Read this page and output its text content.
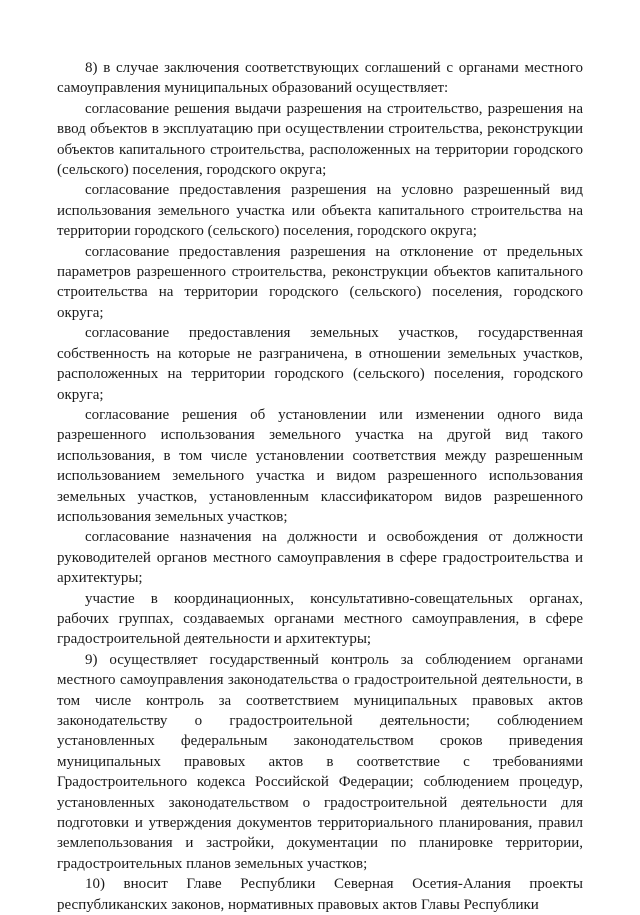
8) в случае заключения соответствующих соглашений с органами местного самоуправления муниципальных образований осуществляет:

согласование решения выдачи разрешения на строительство, разрешения на ввод объектов в эксплуатацию при осуществлении строительства, реконструкции объектов капитального строительства, расположенных на территории городского (сельского) поселения, городского округа;

согласование предоставления разрешения на условно разрешенный вид использования земельного участка или объекта капитального строительства на территории городского (сельского) поселения, городского округа;

согласование предоставления разрешения на отклонение от предельных параметров разрешенного строительства, реконструкции объектов капитального строительства на территории городского (сельского) поселения, городского округа;

согласование предоставления земельных участков, государственная собственность на которые не разграничена, в отношении земельных участков, расположенных на территории городского (сельского) поселения, городского округа;

согласование решения об установлении или изменении одного вида разрешенного использования земельного участка на другой вид такого использования, в том числе установлении соответствия между разрешенным использованием земельного участка и видом разрешенного использования земельных участков, установленным классификатором видов разрешенного использования земельных участков;

согласование назначения на должности и освобождения от должности руководителей органов местного самоуправления в сфере градостроительства и архитектуры;

участие в координационных, консультативно-совещательных органах, рабочих группах, создаваемых органами местного самоуправления, в сфере градостроительной деятельности и архитектуры;

9) осуществляет государственный контроль за соблюдением органами местного самоуправления законодательства о градостроительной деятельности, в том числе контроль за соответствием муниципальных правовых актов законодательству о градостроительной деятельности; соблюдением установленных федеральным законодательством сроков приведения муниципальных правовых актов в соответствие с требованиями Градостроительного кодекса Российской Федерации; соблюдением процедур, установленных законодательством о градостроительной деятельности для подготовки и утверждения документов территориального планирования, правил землепользования и застройки, документации по планировке территории, градостроительных планов земельных участков;

10) вносит Главе Республики Северная Осетия-Алания проекты республиканских законов, нормативных правовых актов Главы Республики
